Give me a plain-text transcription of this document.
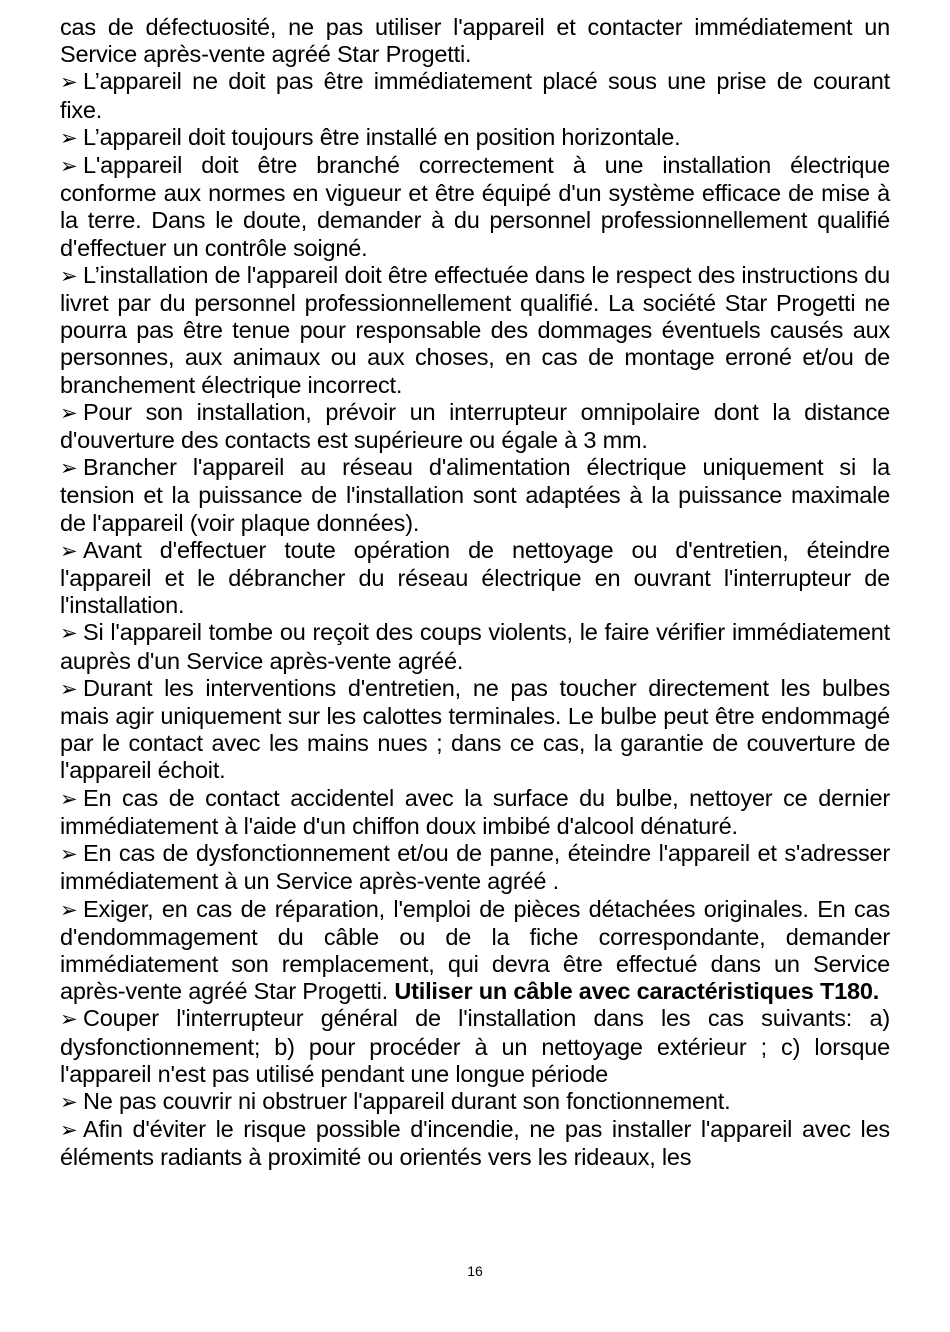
cas de défectuosité, ne pas utiliser l'appareil et contacter immédiatement un Service après-vente agréé Star Progetti.

➢ L’appareil ne doit pas être immédiatement placé sous une prise de courant fixe.

➢ L’appareil doit toujours être installé en position horizontale.

➢ L'appareil doit être branché correctement à une installation électrique conforme aux normes en vigueur et être équipé d'un système efficace de mise à la terre. Dans le doute, demander à du personnel professionnellement qualifié d'effectuer un contrôle soigné.

➢ L’installation de l'appareil doit être effectuée dans le respect des instructions du livret par du personnel professionnellement qualifié. La société Star Progetti ne pourra pas être tenue pour responsable des dommages éventuels causés aux personnes, aux animaux ou aux choses, en cas de montage erroné et/ou de branchement électrique incorrect.

➢ Pour son installation, prévoir un interrupteur omnipolaire dont la distance d'ouverture des contacts est supérieure ou égale à 3 mm.

➢ Brancher l'appareil au réseau d'alimentation électrique uniquement si la tension et la puissance de l'installation sont adaptées à la puissance maximale de l'appareil (voir plaque données).

➢ Avant d'effectuer toute opération de nettoyage ou d'entretien, éteindre l'appareil et le débrancher du réseau électrique en ouvrant l'interrupteur de l'installation.

➢ Si l'appareil tombe ou reçoit des coups violents, le faire vérifier immédiatement auprès d'un Service après-vente agréé.

➢ Durant les interventions d'entretien, ne pas toucher directement les bulbes mais agir uniquement sur les calottes terminales. Le bulbe peut être endommagé par le contact avec les mains nues ; dans ce cas, la garantie de couverture de l'appareil échoit.

➢ En cas de contact accidentel avec la surface du bulbe, nettoyer ce dernier immédiatement à l'aide d'un chiffon doux imbibé d'alcool dénaturé.

➢ En cas de dysfonctionnement et/ou de panne, éteindre l'appareil et s'adresser immédiatement à un Service après-vente agréé .

➢ Exiger, en cas de réparation, l'emploi de pièces détachées originales. En cas d'endommagement du câble ou de la fiche correspondante, demander immédiatement son remplacement, qui devra être effectué dans un Service après-vente agréé Star Progetti. Utiliser un câble avec caractéristiques T180.

➢ Couper l'interrupteur général de l'installation dans les cas suivants: a) dysfonctionnement; b) pour procéder à un nettoyage extérieur ; c) lorsque l'appareil n'est pas utilisé pendant une longue période

➢ Ne pas couvrir ni obstruer l'appareil durant son fonctionnement.

➢ Afin d'éviter le risque possible d'incendie, ne pas installer l'appareil avec les éléments radiants à proximité ou orientés vers les rideaux, les

16
